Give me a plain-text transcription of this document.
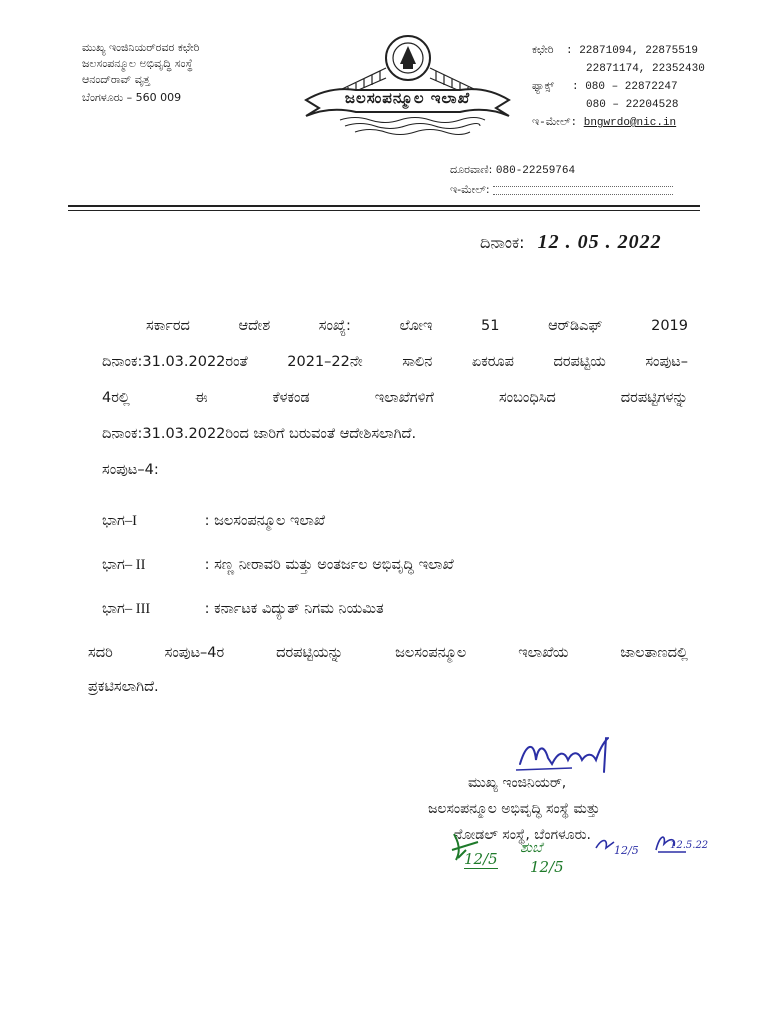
ಮುಖ್ಯ ಇಂಜಿನಿಯರ್‌ರವರ ಕಛೇರಿ
ಜಲಸಂಪನ್ಮೂಲ ಅಭಿವೃದ್ಧಿ ಸಂಸ್ಥೆ
ಆನಂದ್‌ರಾವ್ ವೃತ್ತ
ಬೆಂಗಳೂರು – 560 009	ಜಲಸಂಪನ್ಮೂಲ ಇಲಾಖೆ
ಕಛೇರಿ : 22871094, 22875519
22871174, 22352430
ಫ್ಯಾಕ್ಸ್ : 080 – 22872247
080 – 22204528
ಇ-ಮೇಲ್: bngwrdo@nic.in
ದೂರವಾಣಿ: 080-22259764
ಇ-ಮೇಲ್:
ದಿನಾಂಕ: 12 . 05 . 2022
ಸರ್ಕಾರದ ಆದೇಶ ಸಂಖ್ಯೆ: ಲೋಇ 51 ಆರ್‌ಡಿಎಫ್ 2019
ದಿನಾಂಕ:31.03.2022ರಂತೆ 2021–22ನೇ ಸಾಲಿನ ಏಕರೂಪ ದರಪಟ್ಟಿಯ ಸಂಪುಟ–
4ರಲ್ಲಿ ಈ ಕೆಳಕಂಡ ಇಲಾಖೆಗಳಿಗೆ ಸಂಬಂಧಿಸಿದ ದರಪಟ್ಟಿಗಳನ್ನು
ದಿನಾಂಕ:31.03.2022ರಿಂದ ಜಾರಿಗೆ ಬರುವಂತೆ ಆದೇಶಿಸಲಾಗಿದೆ.
ಸಂಪುಟ–4:
ಭಾಗ–I	: ಜಲಸಂಪನ್ಮೂಲ ಇಲಾಖೆ
ಭಾಗ– II	: ಸಣ್ಣ ನೀರಾವರಿ ಮತ್ತು ಅಂತರ್ಜಲ ಅಭಿವೃದ್ಧಿ ಇಲಾಖೆ
ಭಾಗ– III	: ಕರ್ನಾಟಕ ವಿದ್ಯುತ್ ನಿಗಮ ನಿಯಮಿತ
ಸದರಿ ಸಂಪುಟ–4ರ ದರಪಟ್ಟಿಯನ್ನು ಜಲಸಂಪನ್ಮೂಲ ಇಲಾಖೆಯ ಜಾಲತಾಣದಲ್ಲಿ
ಪ್ರಕಟಿಸಲಾಗಿದೆ.
ಮುಖ್ಯ ಇಂಜಿನಿಯರ್,
ಜಲಸಂಪನ್ಮೂಲ ಅಭಿವೃದ್ಧಿ ಸಂಸ್ಥೆ ಮತ್ತು
ನೋಡಲ್ ಸಂಸ್ಥೆ, ಬೆಂಗಳೂರು.
12/5
ಶುಬೆ
12/5
12/5	12.5.22
